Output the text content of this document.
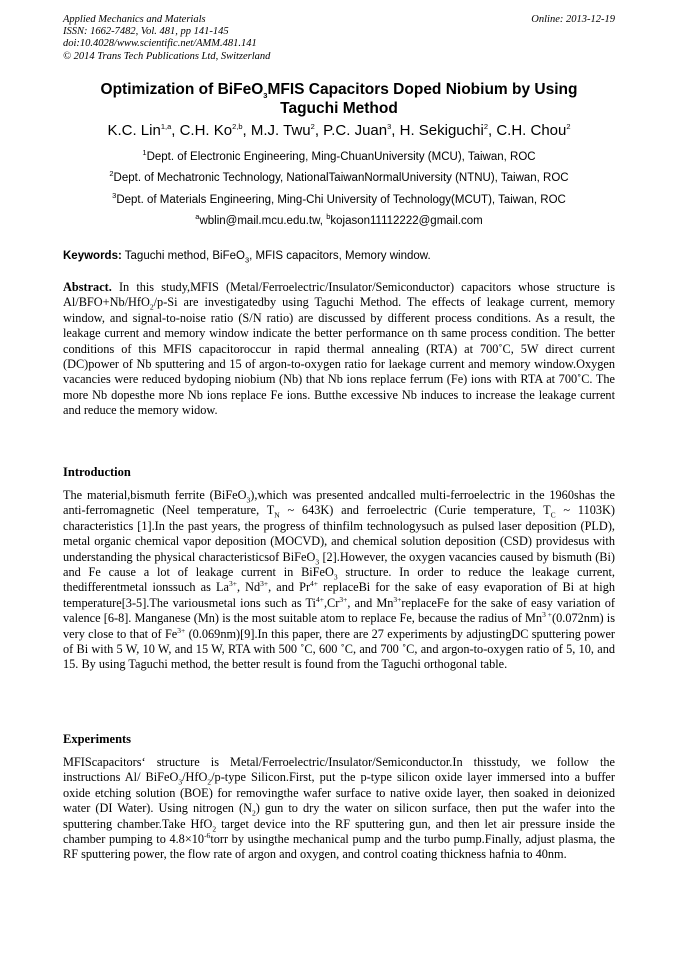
Applied Mechanics and Materials
ISSN: 1662-7482, Vol. 481, pp 141-145
doi:10.4028/www.scientific.net/AMM.481.141
© 2014 Trans Tech Publications Ltd, Switzerland
Online: 2013-12-19
Optimization of BiFeO$_3$MFIS Capacitors Doped Niobium by Using
Taguchi Method
K.C. Lin$^{1,a}$, C.H. Ko$^{2,b}$, M.J. Twu$^2$, P.C. Juan$^3$, H. Sekiguchi$^2$, C.H. Chou$^2$
$^1$Dept. of Electronic Engineering, Ming-ChuanUniversity (MCU), Taiwan, ROC
$^2$Dept. of Mechatronic Technology, NationalTaiwanNormalUniversity (NTNU), Taiwan, ROC
$^3$Dept. of Materials Engineering, Ming-Chi University of Technology(MCUT), Taiwan, ROC
$^a$wblin@mail.mcu.edu.tw, $^b$kojason11112222@gmail.com
Keywords: Taguchi method, BiFeO$_3$, MFIS capacitors, Memory window.
Abstract. In this study,MFIS (Metal/Ferroelectric/Insulator/Semiconductor) capacitors whose structure is Al/BFO+Nb/HfO$_2$/p-Si are investigatedby using Taguchi Method. The effects of leakage current, memory window, and signal-to-noise ratio (S/N ratio) are discussed by different process conditions. As a result, the leakage current and memory window indicate the better performance on th same process condition. The better conditions of this MFIS capacitoroccur in rapid thermal annealing (RTA) at 700˚C, 5W direct current (DC)power of Nb sputtering and 15 of argon-to-oxygen ratio for laekage current and memory window.Oxygen vacancies were reduced bydoping niobium (Nb) that Nb ions replace ferrum (Fe) ions with RTA at 700˚C. The more Nb dopesthe more Nb ions replace Fe ions. Butthe excessive Nb induces to increase the leakage current and reduce the memory widow.
Introduction
The material,bismuth ferrite (BiFeO$_3$),which was presented andcalled multi-ferroelectric in the 1960shas the anti-ferromagnetic (Neel temperature, $T_N$ ~ 643K) and ferroelectric (Curie temperature, $T_C$ ~ 1103K) characteristics [1].In the past years, the progress of thinfilm technologysuch as pulsed laser deposition (PLD), metal organic chemical vapor deposition (MOCVD), and chemical solution deposition (CSD) providesus with understanding the physical characteristicsof BiFeO$_3$ [2].However, the oxygen vacancies caused by bismuth (Bi) and Fe cause a lot of leakage current in BiFeO$_3$ structure. In order to reduce the leakage current, thedifferentmetal ionssuch as $La^{3+}$, $Nd^{3+}$, and $Pr^{4+}$ replaceBi for the sake of easy evaporation of Bi at high temperature[3-5].The variousmetal ions such as $Ti^{4+},Cr^{3+}$, and $Mn^{3+}replaceFe$ for the sake of easy variation of valence [6-8]. Manganese (Mn) is the most suitable atom to replace Fe, because the radius of $Mn^{3 +}(0.072nm)$ is very close to that of $Fe^{3+}$ (0.069nm)[9].In this paper, there are 27 experiments by adjustingDC sputtering power of Bi with 5 W, 10 W, and 15 W, RTA with 500 ˚C, 600 ˚C, and 700 ˚C, and argon-to-oxygen ratio of 5, 10, and 15. By using Taguchi method, the better result is found from the Taguchi orthogonal table.
Experiments
MFIScapacitors‘ structure is Metal/Ferroelectric/Insulator/Semiconductor.In thisstudy, we follow the instructions Al/ BiFeO$_3$/HfO$_2$/p-type Silicon.First, put the p-type silicon oxide layer immersed into a buffer oxide etching solution (BOE) for removingthe wafer surface to native oxide layer, then soaked in deionized water (DI Water). Using nitrogen $(N_2)$ gun to dry the water on silicon surface, then put the wafer into the sputtering chamber.Take HfO$_2$ target device into the RF sputtering gun, and then let air pressure inside the chamber pumping to $4.8\times 10^{-6}torr$ by usingthe mechanical pump and the turbo pump.Finally, adjust plasma, the RF sputtering power, the flow rate of argon and oxygen, and control coating thickness hafnia to 40nm.
